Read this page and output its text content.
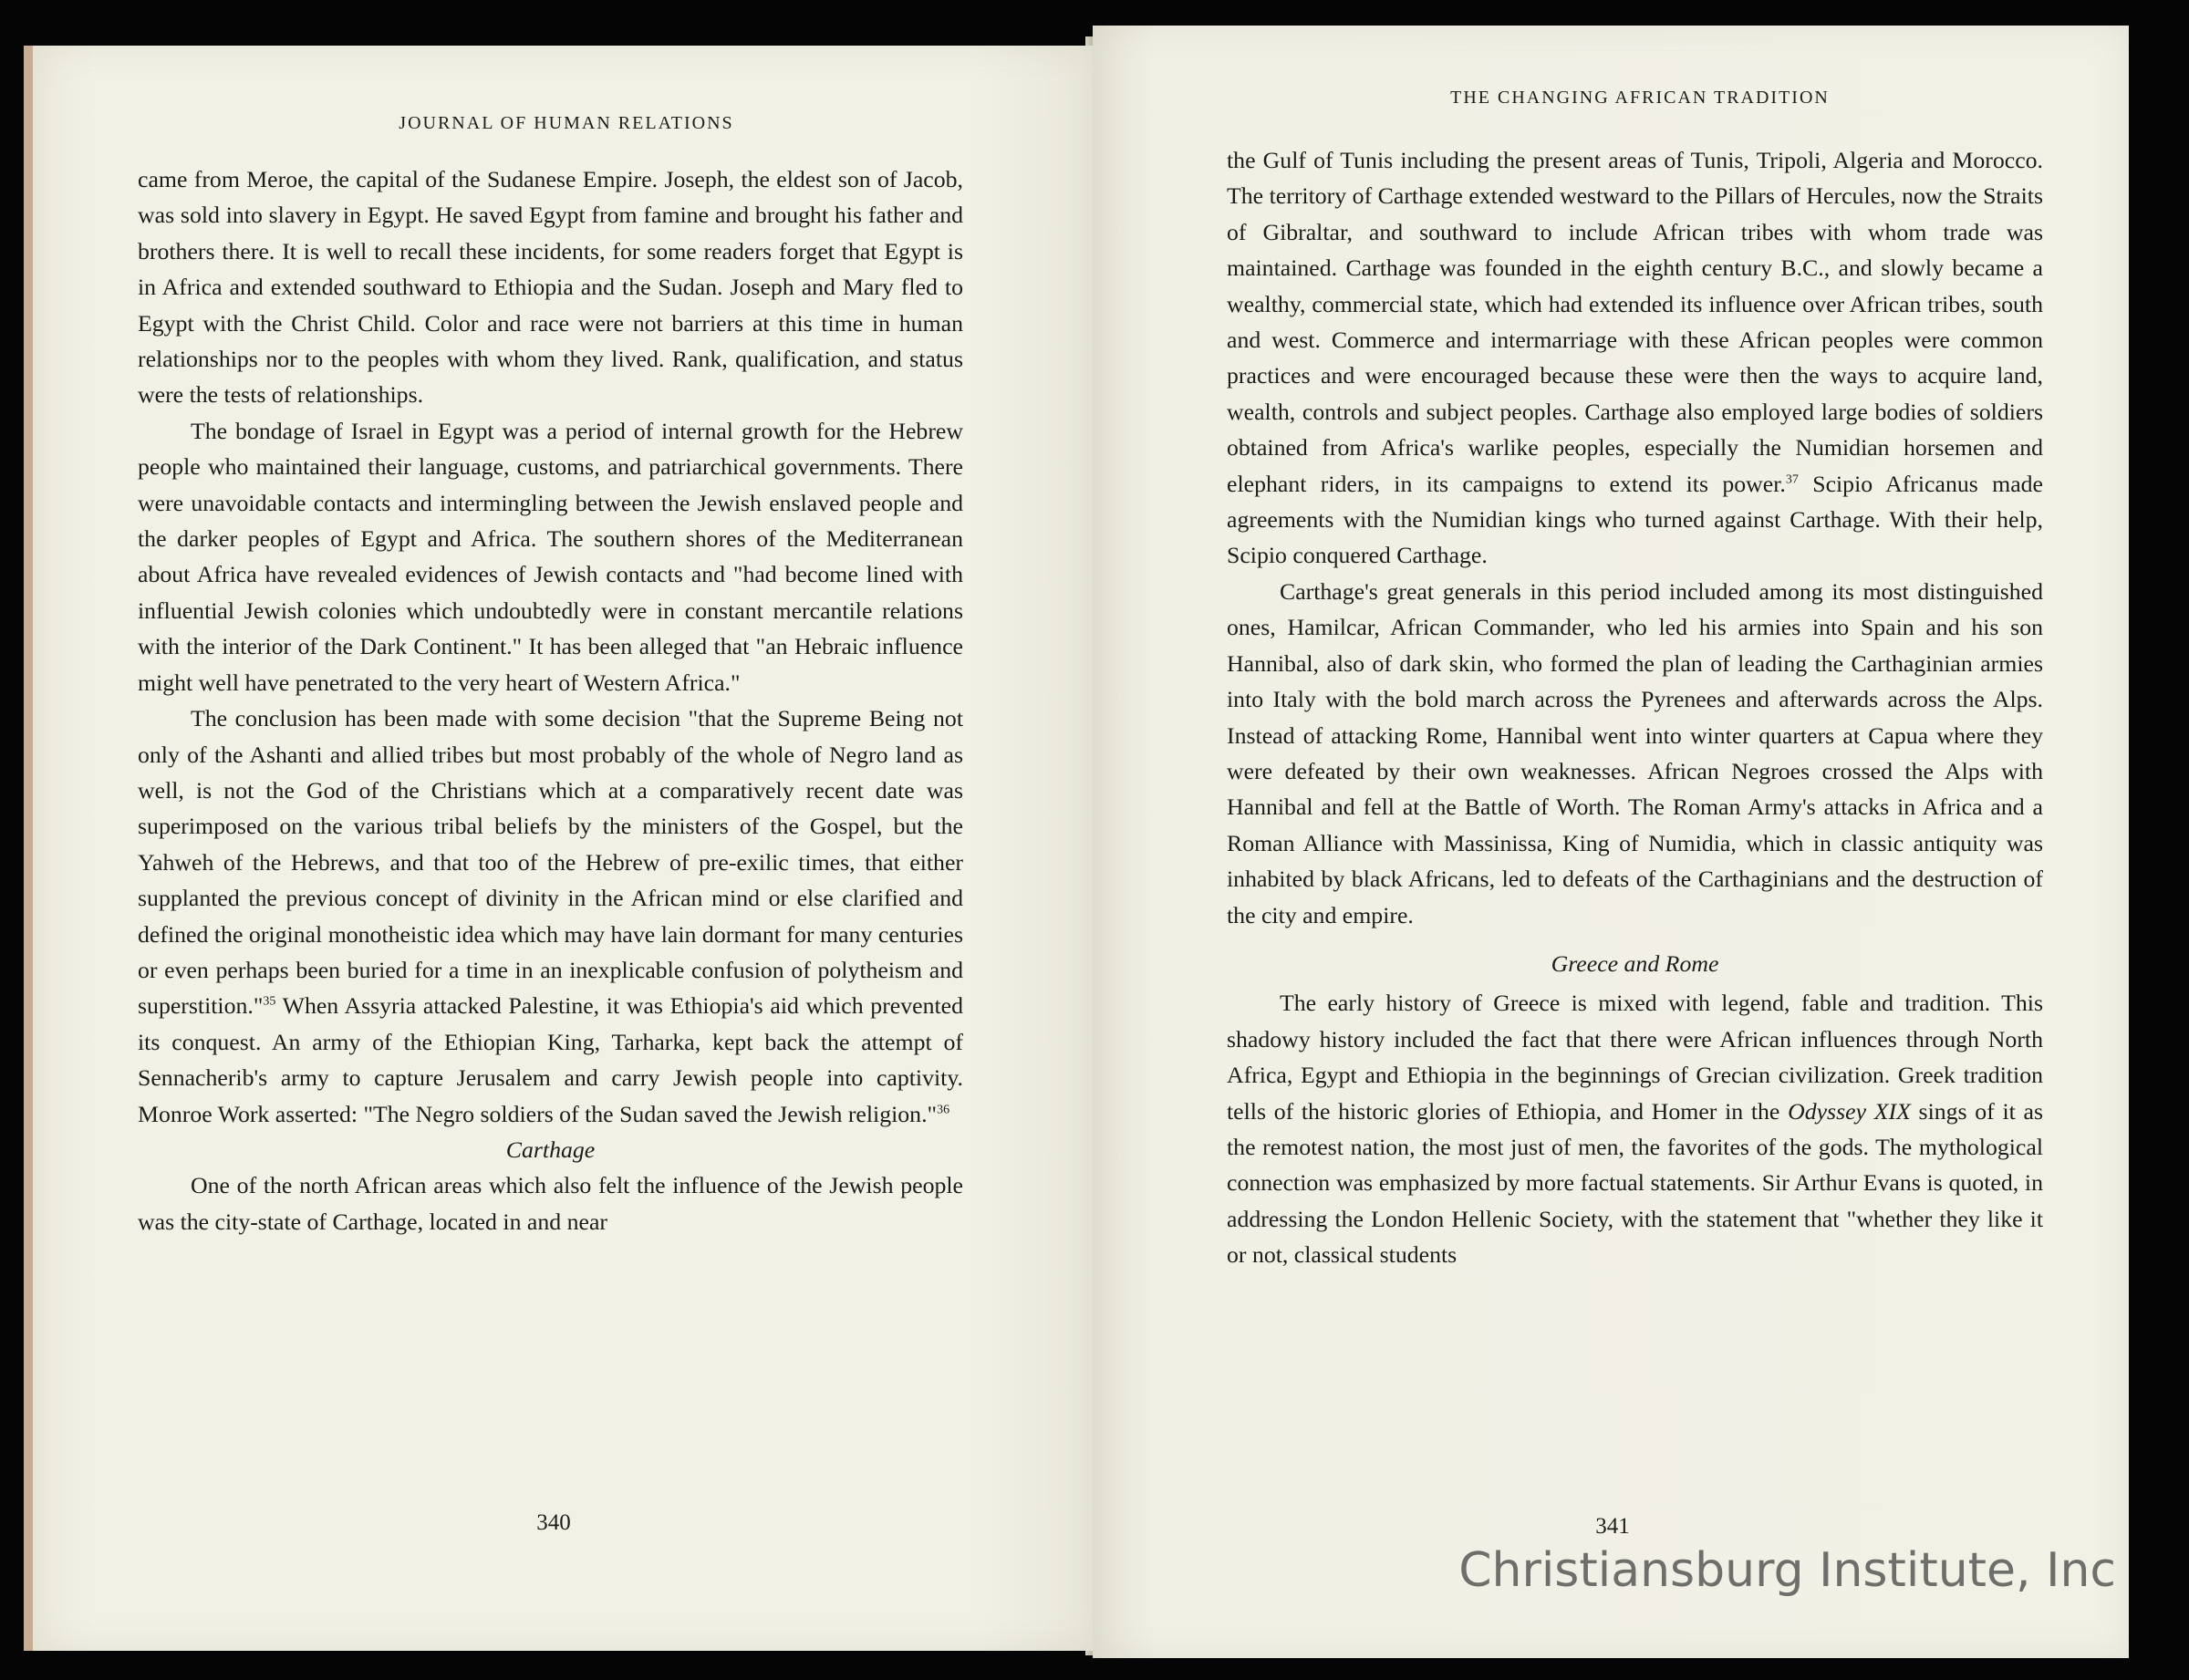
JOURNAL OF HUMAN RELATIONS

came from Meroe, the capital of the Sudanese Empire. Joseph, the eldest son of Jacob, was sold into slavery in Egypt. He saved Egypt from famine and brought his father and brothers there. It is well to recall these incidents, for some readers forget that Egypt is in Africa and extended southward to Ethiopia and the Sudan. Joseph and Mary fled to Egypt with the Christ Child. Color and race were not barriers at this time in human relationships nor to the peoples with whom they lived. Rank, qualification, and status were the tests of relationships.

The bondage of Israel in Egypt was a period of internal growth for the Hebrew people who maintained their language, customs, and patriarchical governments. There were unavoidable contacts and intermingling between the Jewish enslaved people and the darker peoples of Egypt and Africa. The southern shores of the Mediterranean about Africa have revealed evidences of Jewish contacts and "had become lined with influential Jewish colonies which undoubtedly were in constant mercantile relations with the interior of the Dark Continent." It has been alleged that "an Hebraic influence might well have penetrated to the very heart of Western Africa."

The conclusion has been made with some decision "that the Supreme Being not only of the Ashanti and allied tribes but most probably of the whole of Negro land as well, is not the God of the Christians which at a comparatively recent date was superimposed on the various tribal beliefs by the ministers of the Gospel, but the Yahweh of the Hebrews, and that too of the Hebrew of pre-exilic times, that either supplanted the previous concept of divinity in the African mind or else clarified and defined the original monotheistic idea which may have lain dormant for many centuries or even perhaps been buried for a time in an inexplicable confusion of polytheism and superstition."$^{35}$ When Assyria attacked Palestine, it was Ethiopia's aid which prevented its conquest. An army of the Ethiopian King, Tarharka, kept back the attempt of Sennacherib's army to capture Jerusalem and carry Jewish people into captivity. Monroe Work asserted: "The Negro soldiers of the Sudan saved the Jewish religion."$^{36}$

Carthage

One of the north African areas which also felt the influence of the Jewish people was the city-state of Carthage, located in and near

340
THE CHANGING AFRICAN TRADITION

the Gulf of Tunis including the present areas of Tunis, Tripoli, Algeria and Morocco. The territory of Carthage extended westward to the Pillars of Hercules, now the Straits of Gibraltar, and southward to include African tribes with whom trade was maintained. Carthage was founded in the eighth century B.C., and slowly became a wealthy, commercial state, which had extended its influence over African tribes, south and west. Commerce and intermarriage with these African peoples were common practices and were encouraged because these were then the ways to acquire land, wealth, controls and subject peoples. Carthage also employed large bodies of soldiers obtained from Africa's warlike peoples, especially the Numidian horsemen and elephant riders, in its campaigns to extend its power.$^{37}$ Scipio Africanus made agreements with the Numidian kings who turned against Carthage. With their help, Scipio conquered Carthage.

Carthage's great generals in this period included among its most distinguished ones, Hamilcar, African Commander, who led his armies into Spain and his son Hannibal, also of dark skin, who formed the plan of leading the Carthaginian armies into Italy with the bold march across the Pyrenees and afterwards across the Alps. Instead of attacking Rome, Hannibal went into winter quarters at Capua where they were defeated by their own weaknesses. African Negroes crossed the Alps with Hannibal and fell at the Battle of Worth. The Roman Army's attacks in Africa and a Roman Alliance with Massinissa, King of Numidia, which in classic antiquity was inhabited by black Africans, led to defeats of the Carthaginians and the destruction of the city and empire.

Greece and Rome

The early history of Greece is mixed with legend, fable and tradition. This shadowy history included the fact that there were African influences through North Africa, Egypt and Ethiopia in the beginnings of Grecian civilization. Greek tradition tells of the historic glories of Ethiopia, and Homer in the Odyssey XIX sings of it as the remotest nation, the most just of men, the favorites of the gods. The mythological connection was emphasized by more factual statements. Sir Arthur Evans is quoted, in addressing the London Hellenic Society, with the statement that "whether they like it or not, classical students

341
Christiansburg Institute, Inc
